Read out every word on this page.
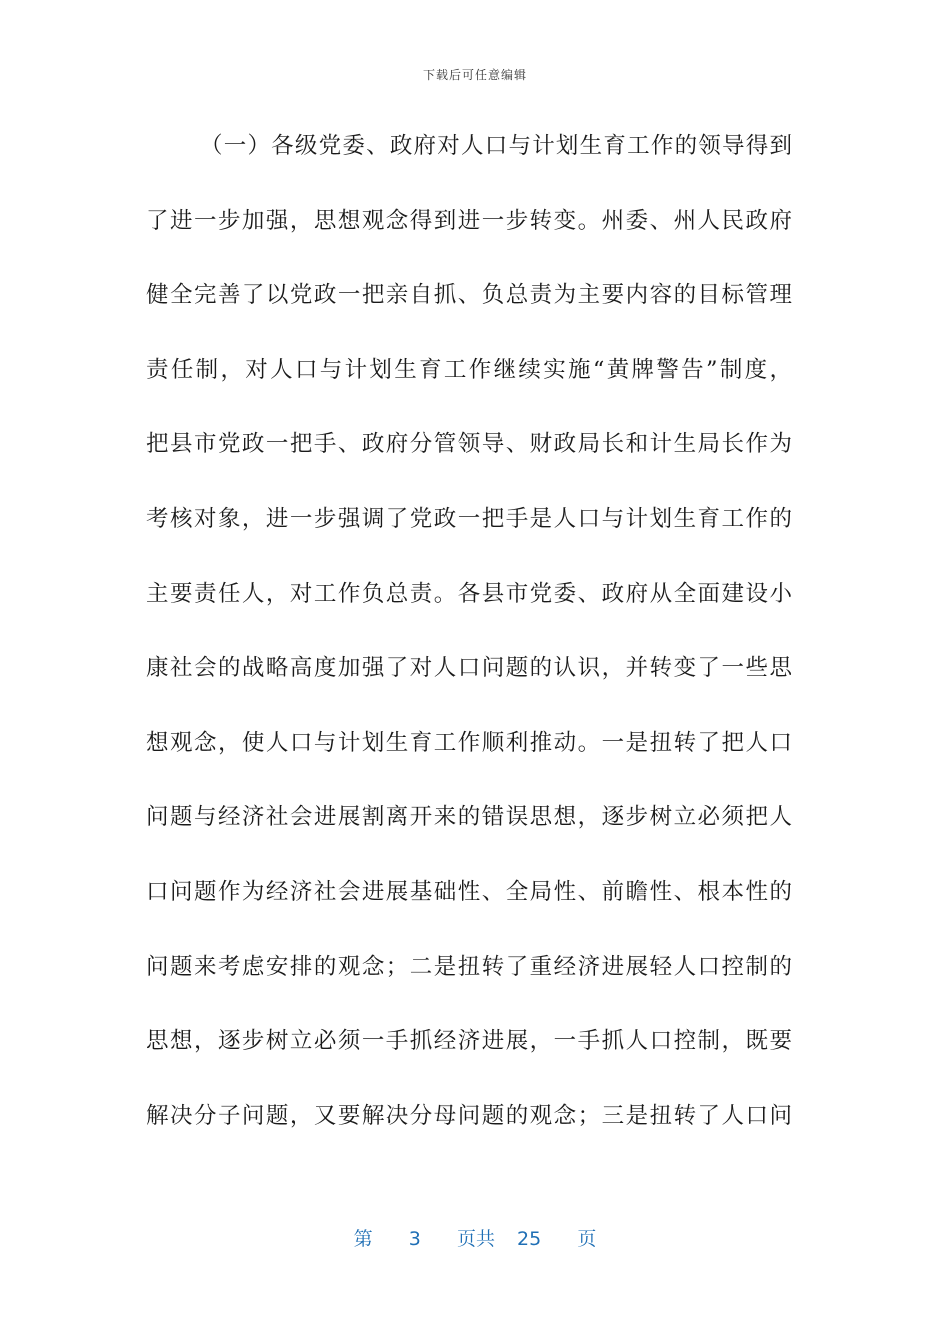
下载后可任意编辑
（一）各级党委、政府对人口与计划生育工作的领导得到
了进一步加强，思想观念得到进一步转变。州委、州人民政府
健全完善了以党政一把亲自抓、负总责为主要内容的目标管理
责任制，对人口与计划生育工作继续实施“黄牌警告”制度，
把县市党政一把手、政府分管领导、财政局长和计生局长作为
考核对象，进一步强调了党政一把手是人口与计划生育工作的
主要责任人，对工作负总责。各县市党委、政府从全面建设小
康社会的战略高度加强了对人口问题的认识，并转变了一些思
想观念，使人口与计划生育工作顺利推动。一是扭转了把人口
问题与经济社会进展割离开来的错误思想，逐步树立必须把人
口问题作为经济社会进展基础性、全局性、前瞻性、根本性的
问题来考虑安排的观念；二是扭转了重经济进展轻人口控制的
思想，逐步树立必须一手抓经济进展，一手抓人口控制，既要
解决分子问题，又要解决分母问题的观念；三是扭转了人口问
第 3 页共 25 页
